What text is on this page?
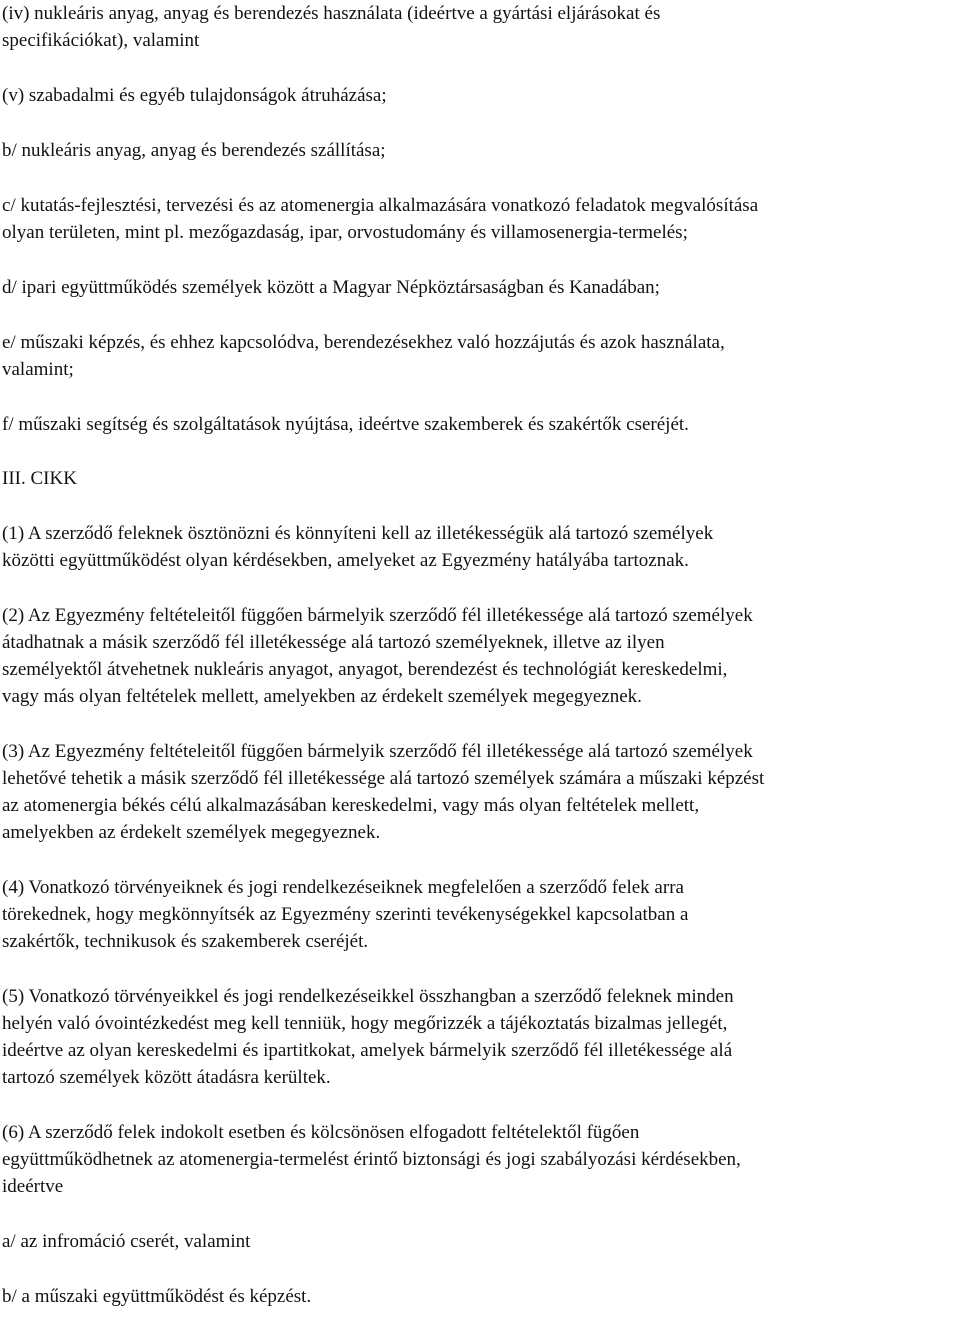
(iv) nukleáris anyag, anyag és berendezés használata (ideértve a gyártási eljárásokat és
specifikációkat), valamint

(v) szabadalmi és egyéb tulajdonságok átruházása;

b/ nukleáris anyag, anyag és berendezés szállítása;

c/ kutatás-fejlesztési, tervezési és az atomenergia alkalmazására vonatkozó feladatok megvalósítása
olyan területen, mint pl. mezőgazdaság, ipar, orvostudomány és villamosenergia-termelés;

d/ ipari együttműködés személyek között a Magyar Népköztársaságban és Kanadában;

e/ műszaki képzés, és ehhez kapcsolódva, berendezésekhez való hozzájutás és azok használata,
valamint;

f/ műszaki segítség és szolgáltatások nyújtása, ideértve szakemberek és szakértők cseréjét.

III. CIKK

(1) A szerződő feleknek ösztönözni és könnyíteni kell az illetékességük alá tartozó személyek
közötti együttműködést olyan kérdésekben, amelyeket az Egyezmény hatályába tartoznak.

(2) Az Egyezmény feltételeitől függően bármelyik szerződő fél illetékessége alá tartozó személyek
átadhatnak a másik szerződő fél illetékessége alá tartozó személyeknek, illetve az ilyen
személyektől átvehetnek nukleáris anyagot, anyagot, berendezést és technológiát kereskedelmi,
vagy más olyan feltételek mellett, amelyekben az érdekelt személyek megegyeznek.

(3) Az Egyezmény feltételeitől függően bármelyik szerződő fél illetékessége alá tartozó személyek
lehetővé tehetik a másik szerződő fél illetékessége alá tartozó személyek számára a műszaki képzést
az atomenergia békés célú alkalmazásában kereskedelmi, vagy más olyan feltételek mellett,
amelyekben az érdekelt személyek megegyeznek.

(4) Vonatkozó törvényeiknek és jogi rendelkezéseiknek megfelelően a szerződő felek arra
törekednek, hogy megkönnyítsék az Egyezmény szerinti tevékenységekkel kapcsolatban a
szakértők, technikusok és szakemberek cseréjét.

(5) Vonatkozó törvényeikkel és jogi rendelkezéseikkel összhangban a szerződő feleknek minden
helyén való óvointézkedést meg kell tenniük, hogy megőrizzék a tájékoztatás bizalmas jellegét,
ideértve az olyan kereskedelmi és ipartitkokat, amelyek bármelyik szerződő fél illetékessége alá
tartozó személyek között átadásra kerültek.

(6) A szerződő felek indokolt esetben és kölcsönösen elfogadott feltételektől fügően
együttműködhetnek az atomenergia-termelést érintő biztonsági és jogi szabályozási kérdésekben,
ideértve

a/ az infromáció cserét, valamint

b/ a műszaki együttműködést és képzést.
